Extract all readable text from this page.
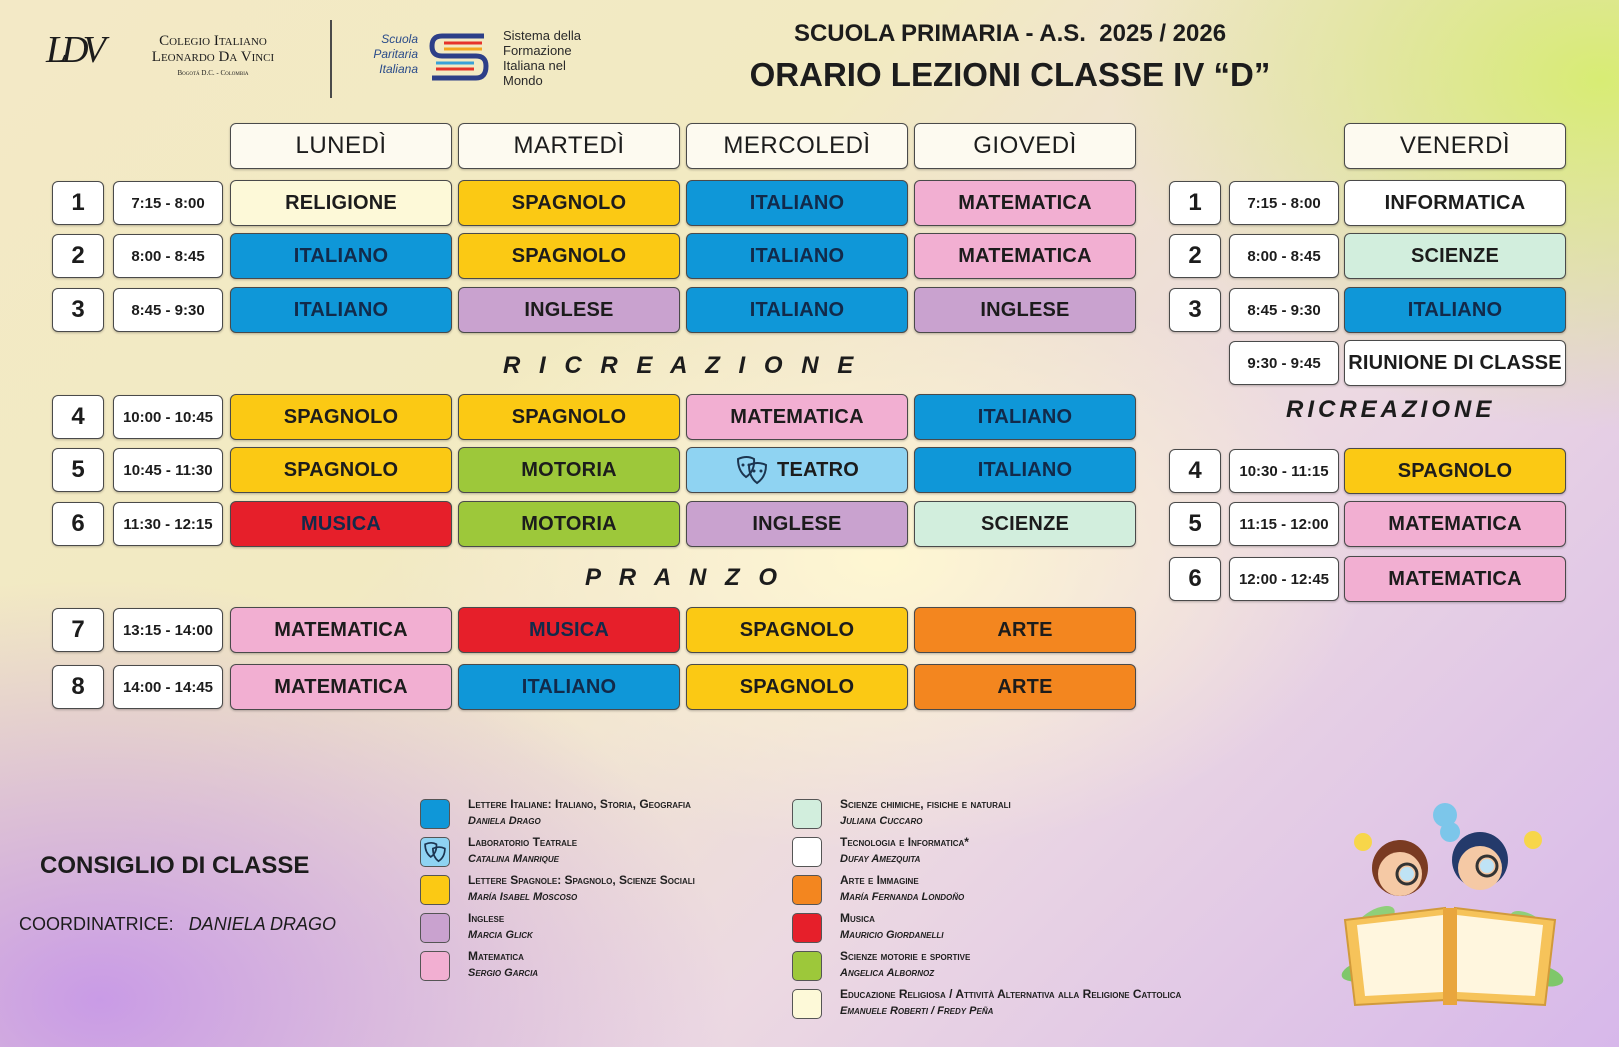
LDV	Colegio Italiano
Leonardo Da Vinci
Bogotá D.C. - Colombia
Scuola
Paritaria
Italiana
Sistema della
Formazione
Italiana nel
Mondo
SCUOLA PRIMARIA - A.S.  2025 / 2026
ORARIO LEZIONI CLASSE IV “D”
LUNEDÌ	MARTEDÌ	MERCOLEDÌ	GIOVEDÌ
1	7:15 - 8:00	RELIGIONE	SPAGNOLO	ITALIANO	MATEMATICA
2	8:00 - 8:45	ITALIANO	SPAGNOLO	ITALIANO	MATEMATICA
3	8:45 - 9:30	ITALIANO	INGLESE	ITALIANO	INGLESE
4	10:00 - 10:45	SPAGNOLO	SPAGNOLO	MATEMATICA	ITALIANO
5	10:45 - 11:30	SPAGNOLO	MOTORIA	TEATRO	ITALIANO
6	11:30 - 12:15	MUSICA	MOTORIA	INGLESE	SCIENZE
7	13:15 - 14:00	MATEMATICA	MUSICA	SPAGNOLO	ARTE
8	14:00 - 14:45	MATEMATICA	ITALIANO	SPAGNOLO	ARTE
R I C R E A Z I O N E
P R A N Z O
VENERDÌ
1	7:15 - 8:00	INFORMATICA
2	8:00 - 8:45	SCIENZE
3	8:45 - 9:30	ITALIANO
9:30 - 9:45	RIUNIONE DI CLASSE
4	10:30 - 11:15	SPAGNOLO
5	11:15 - 12:00	MATEMATICA
6	12:00 - 12:45	MATEMATICA
RICREAZIONE
CONSIGLIO DI CLASSE
COORDINATRICE: DANIELA DRAGO
Lettere Italiane: Italiano, Storia, Geografia
Daniela Drago
Laboratorio Teatrale
Catalina Manrique
Lettere Spagnole: Spagnolo, Scienze Sociali
María Isabel Moscoso
Inglese
Marcia Glick
Matematica
Sergio Garcia
Scienze chimiche, fisiche e naturali
Juliana Cuccaro
Tecnologia e Informatica*
Dufay Amezquita
Arte e Immagine
María Fernanda Londoño
Musica
Mauricio Giordanelli
Scienze motorie e sportive
Angelica Albornoz
Educazione Religiosa / Attività Alternativa alla Religione Cattolica
Emanuele Roberti / Fredy Peña
